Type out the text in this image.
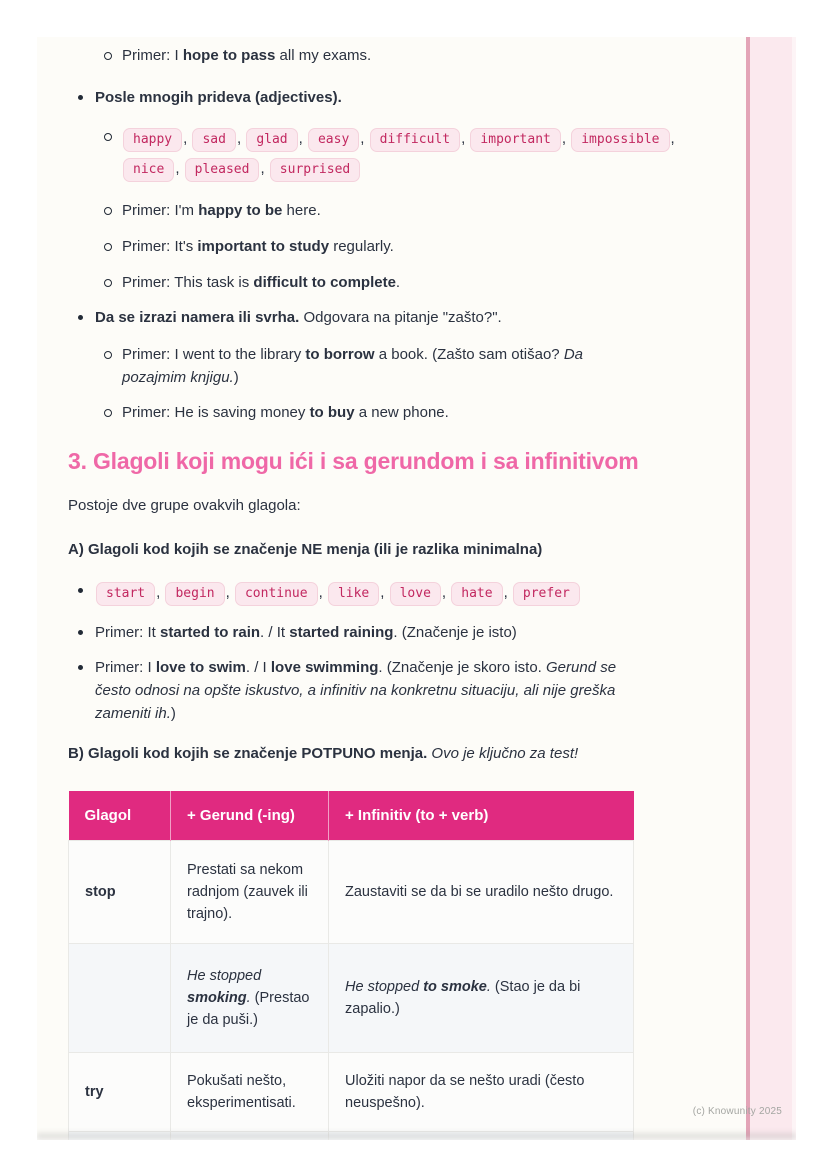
Primer: I hope to pass all my exams.
Posle mnogih prideva (adjectives).
happy , sad , glad , easy , difficult , important , impossible , nice , pleased , surprised
Primer: I'm happy to be here.
Primer: It's important to study regularly.
Primer: This task is difficult to complete.
Da se izrazi namera ili svrha. Odgovara na pitanje "zašto?".
Primer: I went to the library to borrow a book. (Zašto sam otišao? Da pozajmim knjigu.)
Primer: He is saving money to buy a new phone.
3. Glagoli koji mogu ići i sa gerundom i sa infinitivom

Postoje dve grupe ovakvih glagola:

A) Glagoli kod kojih se značenje NE menja (ili je razlika minimalna)

start , begin , continue , like , love , hate , prefer
Primer: It started to rain. / It started raining. (Značenje je isto)
Primer: I love to swim. / I love swimming. (Značenje je skoro isto. Gerund se često odnosi na opšte iskustvo, a infinitiv na konkretnu situaciju, ali nije greška zameniti ih.)

B) Glagoli kod kojih se značenje POTPUNO menja. Ovo je ključno za test!

Glagol	+ Gerund (-ing)	+ Infinitiv (to + verb)
stop	Prestati sa nekom radnjom (zauvek ili trajno).	Zaustaviti se da bi se uradilo nešto drugo.
	He stopped smoking. (Prestao je da puši.)	He stopped to smoke. (Stao je da bi zapalio.)
try	Pokušati nešto, eksperimentisati.	Uložiti napor da se nešto uradi (često neuspešno).

(c) Knowunity 2025
